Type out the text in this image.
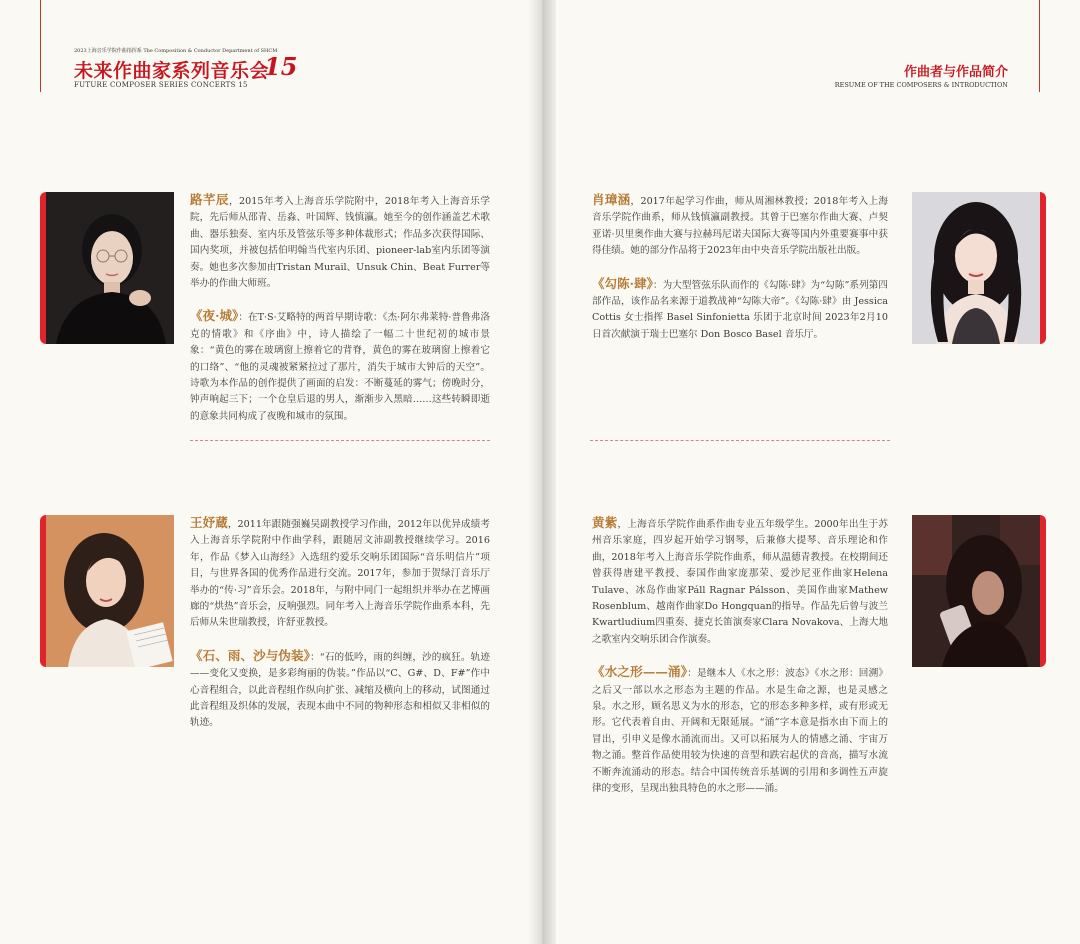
2023上海音乐学院作曲指挥系 The Composition & Conductor Department of SHCM
未来作曲家系列音乐会
15
FUTURE COMPOSER SERIES CONCERTS 15

路芊辰，2015年考入上海音乐学院附中，2018年考入上海音乐学院，先后师从邵青、岳淼、叶国辉、钱慎瀛。她至今的创作涵盖艺术歌曲、器乐独奏、室内乐及管弦乐等多种体裁形式；作品多次获得国际、国内奖项，并被包括伯明翰当代室内乐团、pioneer-lab室内乐团等演奏。她也多次参加由Tristan Murail、Unsuk Chin、Beat Furrer等举办的作曲大师班。

《夜·城》：在T·S·艾略特的两首早期诗歌：《杰·阿尔弗莱特·普鲁弗洛克的情歌》和《序曲》中，诗人描绘了一幅二十世纪初的城市景象：“黄色的雾在玻璃窗上擦着它的背脊，黄色的雾在玻璃窗上擦着它的口络”、“他的灵魂被紧紧拉过了那片，消失于城市大钟后的天空”。诗歌为本作品的创作提供了画面的启发：不断蔓延的雾气；傍晚时分，钟声响起三下；一个仓皇后退的男人，渐渐步入黑暗……这些转瞬即逝的意象共同构成了夜晚和城市的氛围。

王妤蔵，2011年跟随强巍吴副教授学习作曲，2012年以优异成绩考入上海音乐学院附中作曲学科，跟随居文沛副教授继续学习。2016年，作品《梦入山海经》入选纽约爱乐交响乐团国际“音乐明信片”项目，与世界各国的优秀作品进行交流。2017年，参加于贺绿汀音乐厅举办的“传·习”音乐会。2018年，与附中同门一起组织并举办在艺博画廊的“烘热”音乐会，反响强烈。同年考入上海音乐学院作曲系本科，先后师从朱世瑞教授，许舒亚教授。

《石、雨、沙与伪装》：“石的低吟，雨的纠缠，沙的疯狂。轨迹——变化又变换，是多彩绚丽的伪装。”作品以“C、G#、D、F#”作中心音程组合，以此音程组作纵向扩张、减缩及横向上的移动，试图通过此音程组及织体的发展，表现本曲中不同的物种形态和相似又非相似的轨迹。

作曲者与作品简介
RESUME OF THE COMPOSERS & INTRODUCTION

肖璋涵，2017年起学习作曲，师从周湘林教授；2018年考入上海音乐学院作曲系，师从钱慎瀛副教授。其曾于巴塞尔作曲大赛、卢契亚诺·贝里奥作曲大赛与拉赫玛尼诺夫国际大赛等国内外重要赛事中获得佳绩。她的部分作品将于2023年由中央音乐学院出版社出版。

《勾陈·肆》：为大型管弦乐队而作的《勾陈·肆》为“勾陈”系列第四部作品，该作品名来源于道教战神“勾陈大帝”。《勾陈·肆》由 Jessica Cottis 女士指挥 Basel Sinfonietta 乐团于北京时间 2023年2月10日首次献演于瑞士巴塞尔 Don Bosco Basel 音乐厅。

黄紫，上海音乐学院作曲系作曲专业五年级学生。2000年出生于苏州音乐家庭，四岁起开始学习钢琴，后兼修大提琴、音乐理论和作曲，2018年考入上海音乐学院作曲系，师从温德青教授。在校期间还曾获得唐建平教授、泰国作曲家庞那荣、爱沙尼亚作曲家Helena Tulave、冰岛作曲家Páll Ragnar Pálsson、美国作曲家Mathew Rosenblum、越南作曲家Do Hongquan的指导。作品先后曾与波兰Kwartludium四重奏、捷克长笛演奏家Clara Novakova、上海大地之歌室内交响乐团合作演奏。

《水之形——涌》：是继本人《水之形：波态》《水之形：回溯》之后又一部以水之形态为主题的作品。水是生命之源，也是灵感之泉。水之形，顾名思义为水的形态，它的形态多种多样，或有形或无形。它代表着自由、开阔和无限延展。“涌”字本意是指水由下而上的冒出，引申义是像水涌流而出。又可以拓展为人的情感之涌、宇宙万物之涌。整首作品使用较为快速的音型和跌宕起伏的音高，描写水流不断奔流涌动的形态。结合中国传统音乐基调的引用和多调性五声旋律的变形，呈现出独具特色的水之形——涌。
